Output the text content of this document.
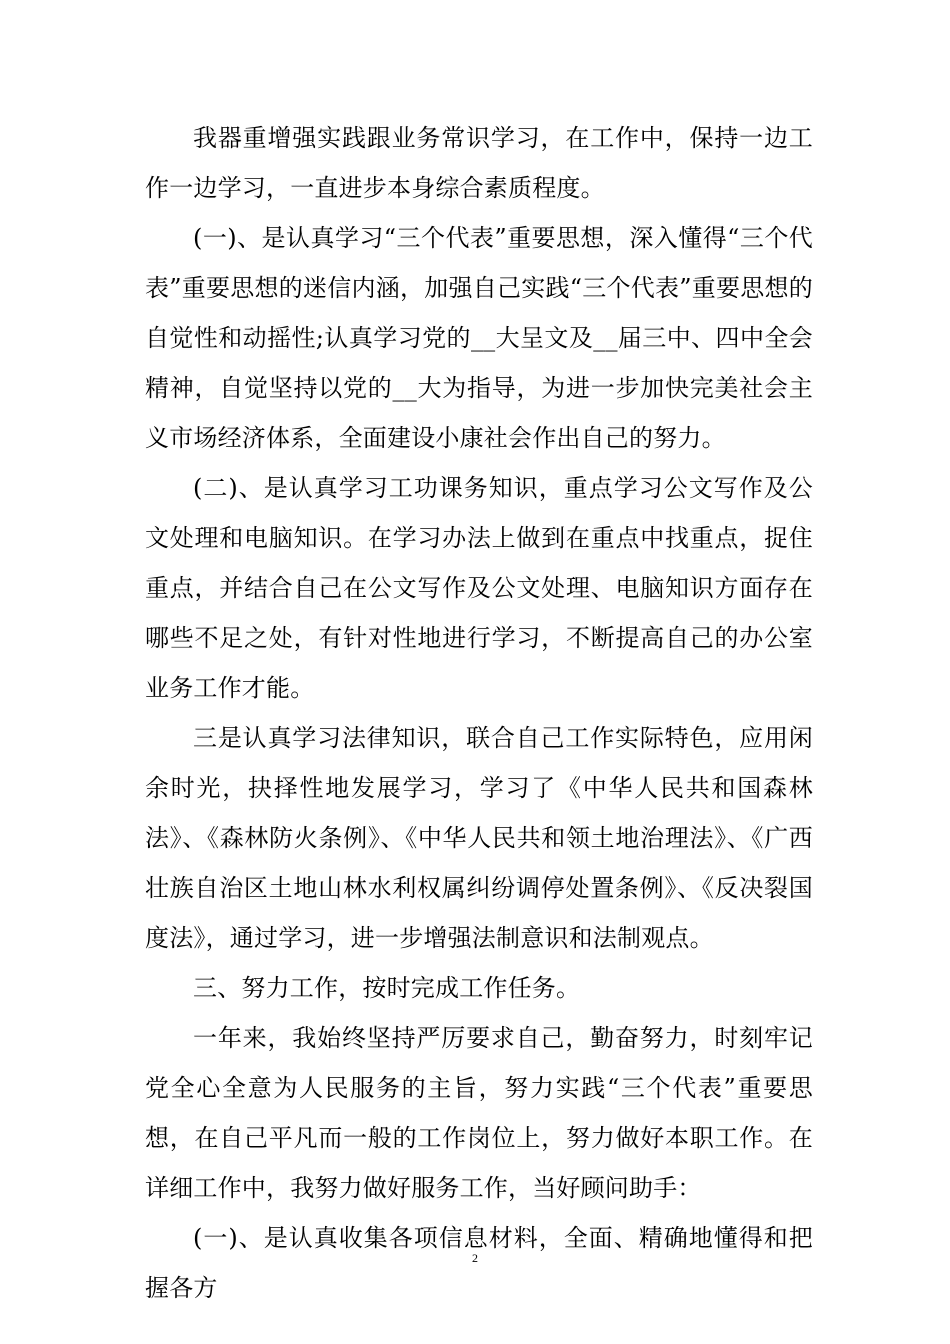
我器重增强实践跟业务常识学习，在工作中，保持一边工作一边学习，一直进步本身综合素质程度。

(一)、是认真学习“三个代表”重要思想，深入懂得“三个代表”重要思想的迷信内涵，加强自己实践“三个代表”重要思想的自觉性和动摇性;认真学习党的__大呈文及__届三中、四中全会精神，自觉坚持以党的__大为指导，为进一步加快完美社会主义市场经济体系，全面建设小康社会作出自己的努力。

(二)、是认真学习工功课务知识，重点学习公文写作及公文处理和电脑知识。在学习办法上做到在重点中找重点，捉住重点，并结合自己在公文写作及公文处理、电脑知识方面存在哪些不足之处，有针对性地进行学习，不断提高自己的办公室业务工作才能。

三是认真学习法律知识，联合自己工作实际特色，应用闲余时光，抉择性地发展学习，学习了《中华人民共和国森林法》、《森林防火条例》、《中华人民共和领土地治理法》、《广西壮族自治区土地山林水利权属纠纷调停处置条例》、《反决裂国度法》，通过学习，进一步增强法制意识和法制观点。

三、努力工作，按时完成工作任务。

一年来，我始终坚持严厉要求自己，勤奋努力，时刻牢记党全心全意为人民服务的主旨，努力实践“三个代表”重要思想，在自己平凡而一般的工作岗位上，努力做好本职工作。在详细工作中，我努力做好服务工作，当好顾问助手：

(一)、是认真收集各项信息材料，全面、精确地懂得和把握各方

2
